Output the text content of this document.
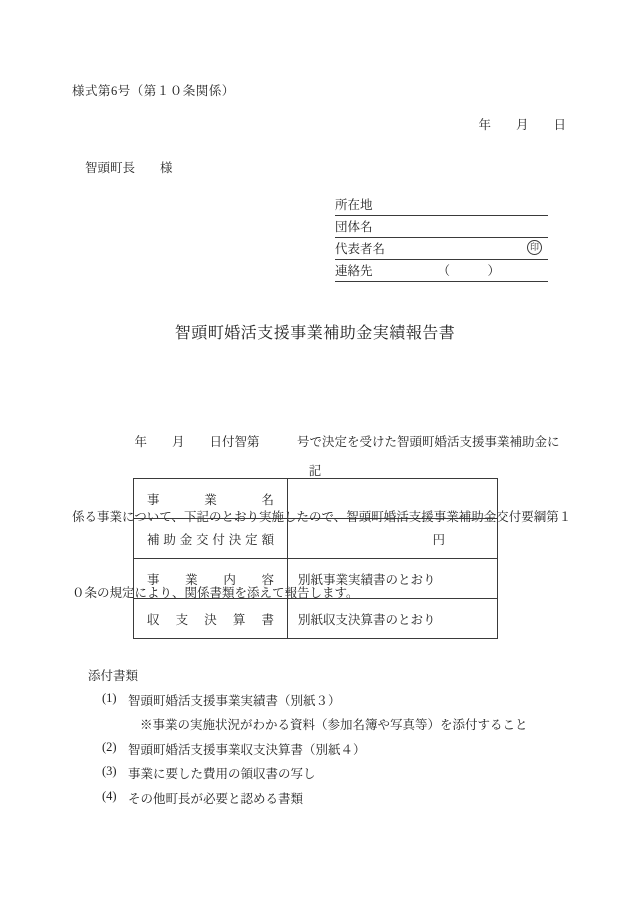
様式第6号（第１０条関係）
年　　月　　日
智頭町長　　様
所在地
団体名
代表者名	印
連絡先	（　　　）
智頭町婚活支援事業補助金実績報告書

　　　　　年　　月　　日付智第　　　号で決定を受けた智頭町婚活支援事業補助金に

係る事業について、下記のとおり実施したので、智頭町婚活支援事業補助金交付要綱第１

０条の規定により、関係書類を添えて報告します。

記
事業名	
補助金交付決定額	円
事業内容	別紙事業実績書のとおり
収支決算書	別紙収支決算書のとおり
添付書類
(1) 智頭町婚活支援事業実績書（別紙３）
※事業の実施状況がわかる資料（参加名簿や写真等）を添付すること
(2) 智頭町婚活支援事業収支決算書（別紙４）
(3) 事業に要した費用の領収書の写し
(4) その他町長が必要と認める書類
